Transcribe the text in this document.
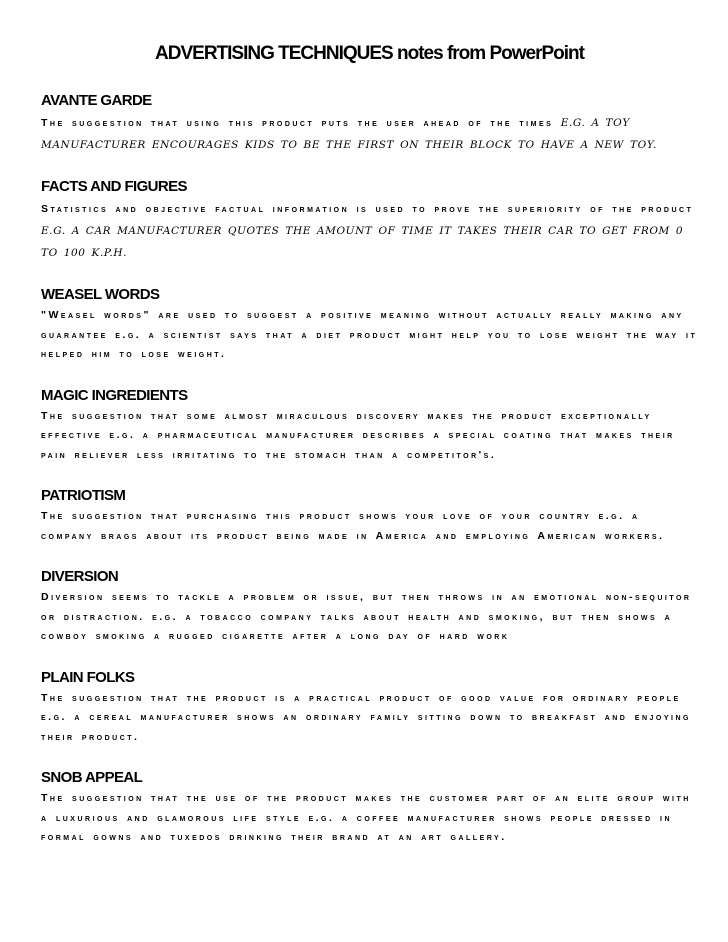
ADVERTISING TECHNIQUES notes from PowerPoint
AVANTE GARDE

The suggestion that using this product puts the user ahead of the times E.G. A TOY MANUFACTURER ENCOURAGES KIDS TO BE THE FIRST ON THEIR BLOCK TO HAVE A NEW TOY.

FACTS AND FIGURES

Statistics and objective factual information is used to prove the superiority of the product E.G. A CAR MANUFACTURER QUOTES THE AMOUNT OF TIME IT TAKES THEIR CAR TO GET FROM 0 TO 100 K.P.H.

WEASEL WORDS

"Weasel words" are used to suggest a positive meaning without actually really making any guarantee e.g. a scientist says that a diet product might help you to lose weight the way it helped him to lose weight.

MAGIC INGREDIENTS

The suggestion that some almost miraculous discovery makes the product exceptionally effective e.g. a pharmaceutical manufacturer describes a special coating that makes their pain reliever less irritating to the stomach than a competitor's.

PATRIOTISM

The suggestion that purchasing this product shows your love of your country e.g. a company brags about its product being made in America and employing American workers.

DIVERSION

Diversion seems to tackle a problem or issue, but then throws in an emotional non-sequitor or distraction. e.g. a tobacco company talks about health and smoking, but then shows a cowboy smoking a rugged cigarette after a long day of hard work

PLAIN FOLKS

The suggestion that the product is a practical product of good value for ordinary people e.g. a cereal manufacturer shows an ordinary family sitting down to breakfast and enjoying their product.

SNOB APPEAL

The suggestion that the use of the product makes the customer part of an elite group with a luxurious and glamorous life style e.g. a coffee manufacturer shows people dressed in formal gowns and tuxedos drinking their brand at an art gallery.
